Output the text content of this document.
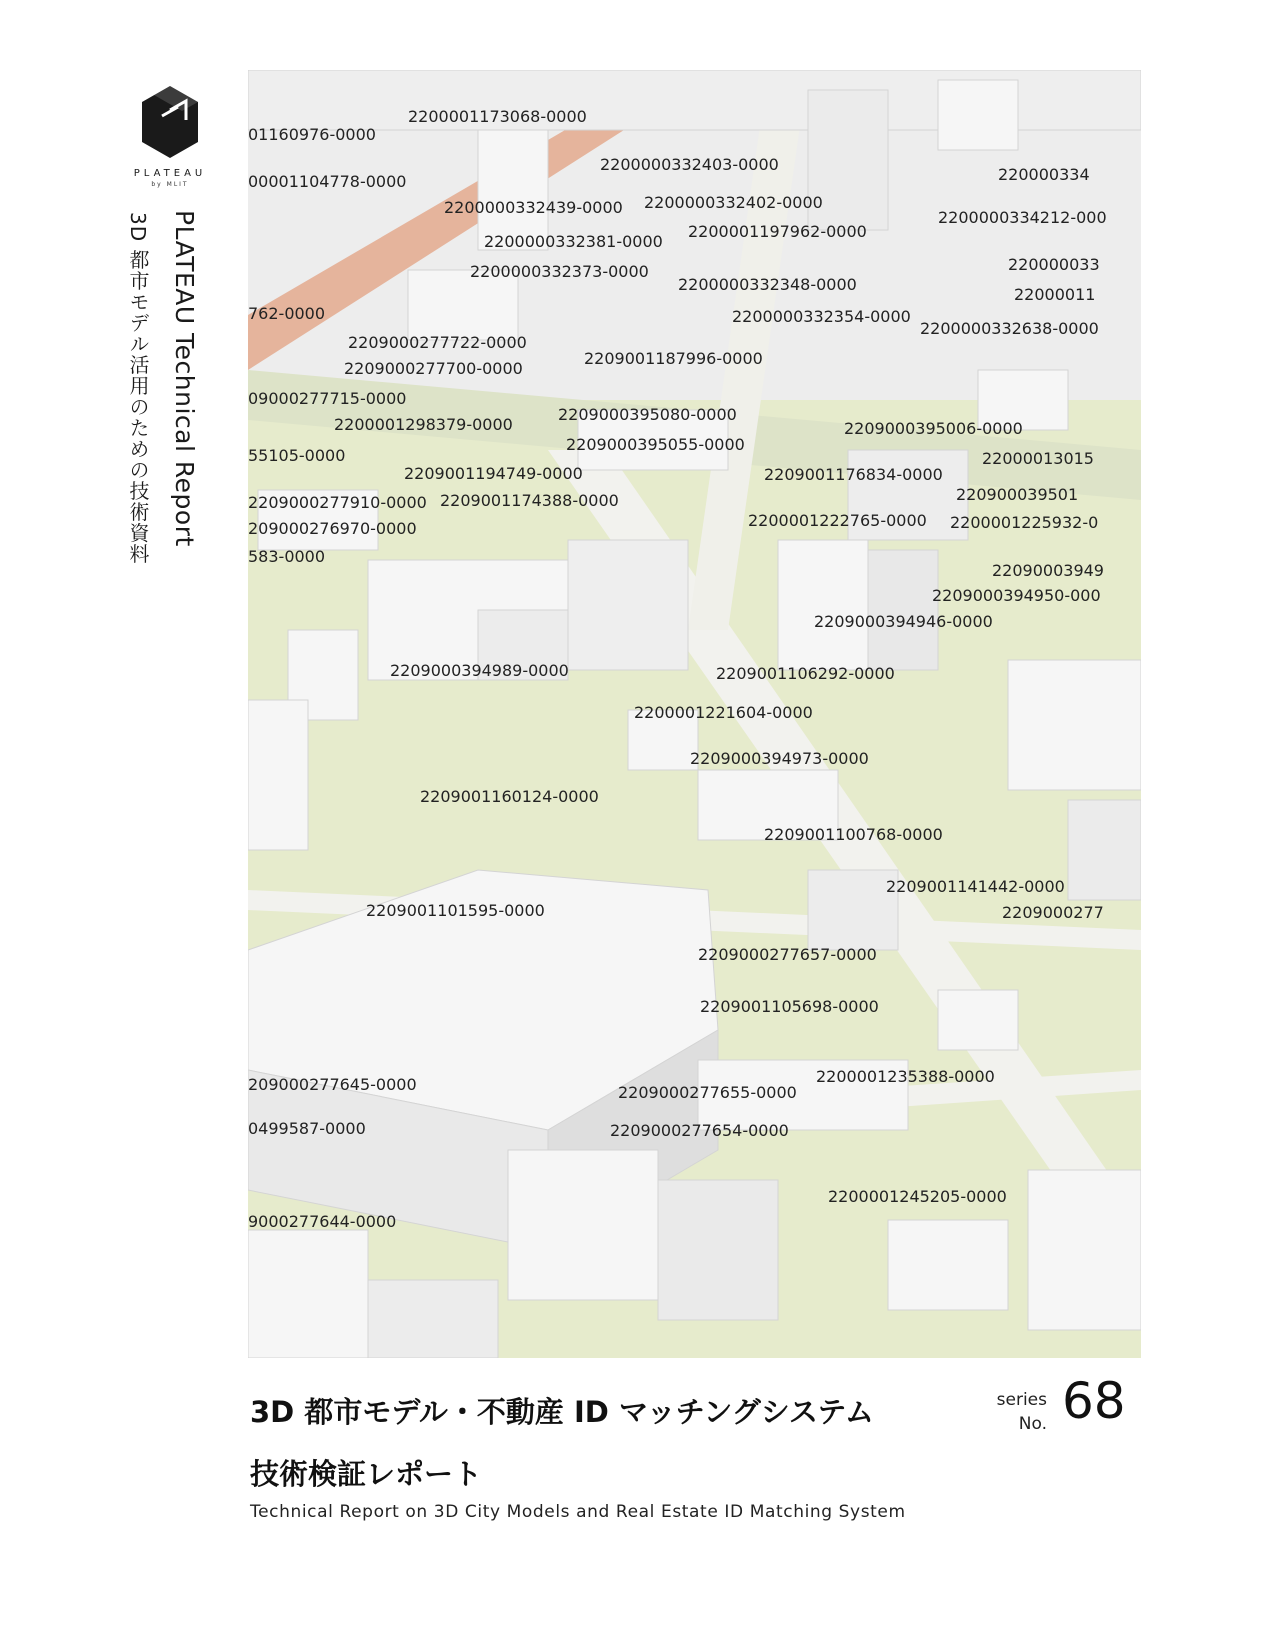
PLATEAU
by MLIT
PLATEAU Technical Report
3D 都市モデル活用のための技術資料
2200001173068-0000
01160976-0000
00001104778-0000
2200000332403-0000
220000334
2200000332439-0000 2200000332402-0000
2200000334212-000
2200000332381-0000
2200001197962-0000
2200000332373-0000	220000033
2200000332348-0000
22000011
762-0000	2200000332354-0000
2200000332638-0000
2209000277722-0000
2209000277700-0000
2209001187996-0000
09000277715-0000
2200001298379-0000
2209000395080-0000
2209000395055-0000
2209000395006-0000
55105-0000
2209001194749-0000	2209001176834-0000
22000013015
2209000277910-0000 2209001174388-0000	220900039501
209000276970-0000	2200001222765-0000 2200001225932-0
583-0000
22090003949
2209000394950-000
2209000394946-0000
2209000394989-0000	2209001106292-0000
2200001221604-0000
2209000394973-0000
2209001160124-0000
2209001100768-0000
2209001141442-0000
2209000277
2209001101595-0000
2209000277657-0000
2209001105698-0000
209000277645-0000	2200001235388-0000
2209000277655-0000
0499587-0000	2209000277654-0000
2200001245205-0000
9000277644-0000
3D 都市モデル・不動産 ID マッチングシステム
技術検証レポート
Technical Report on 3D City Models and Real Estate ID Matching System
series
No. 68
